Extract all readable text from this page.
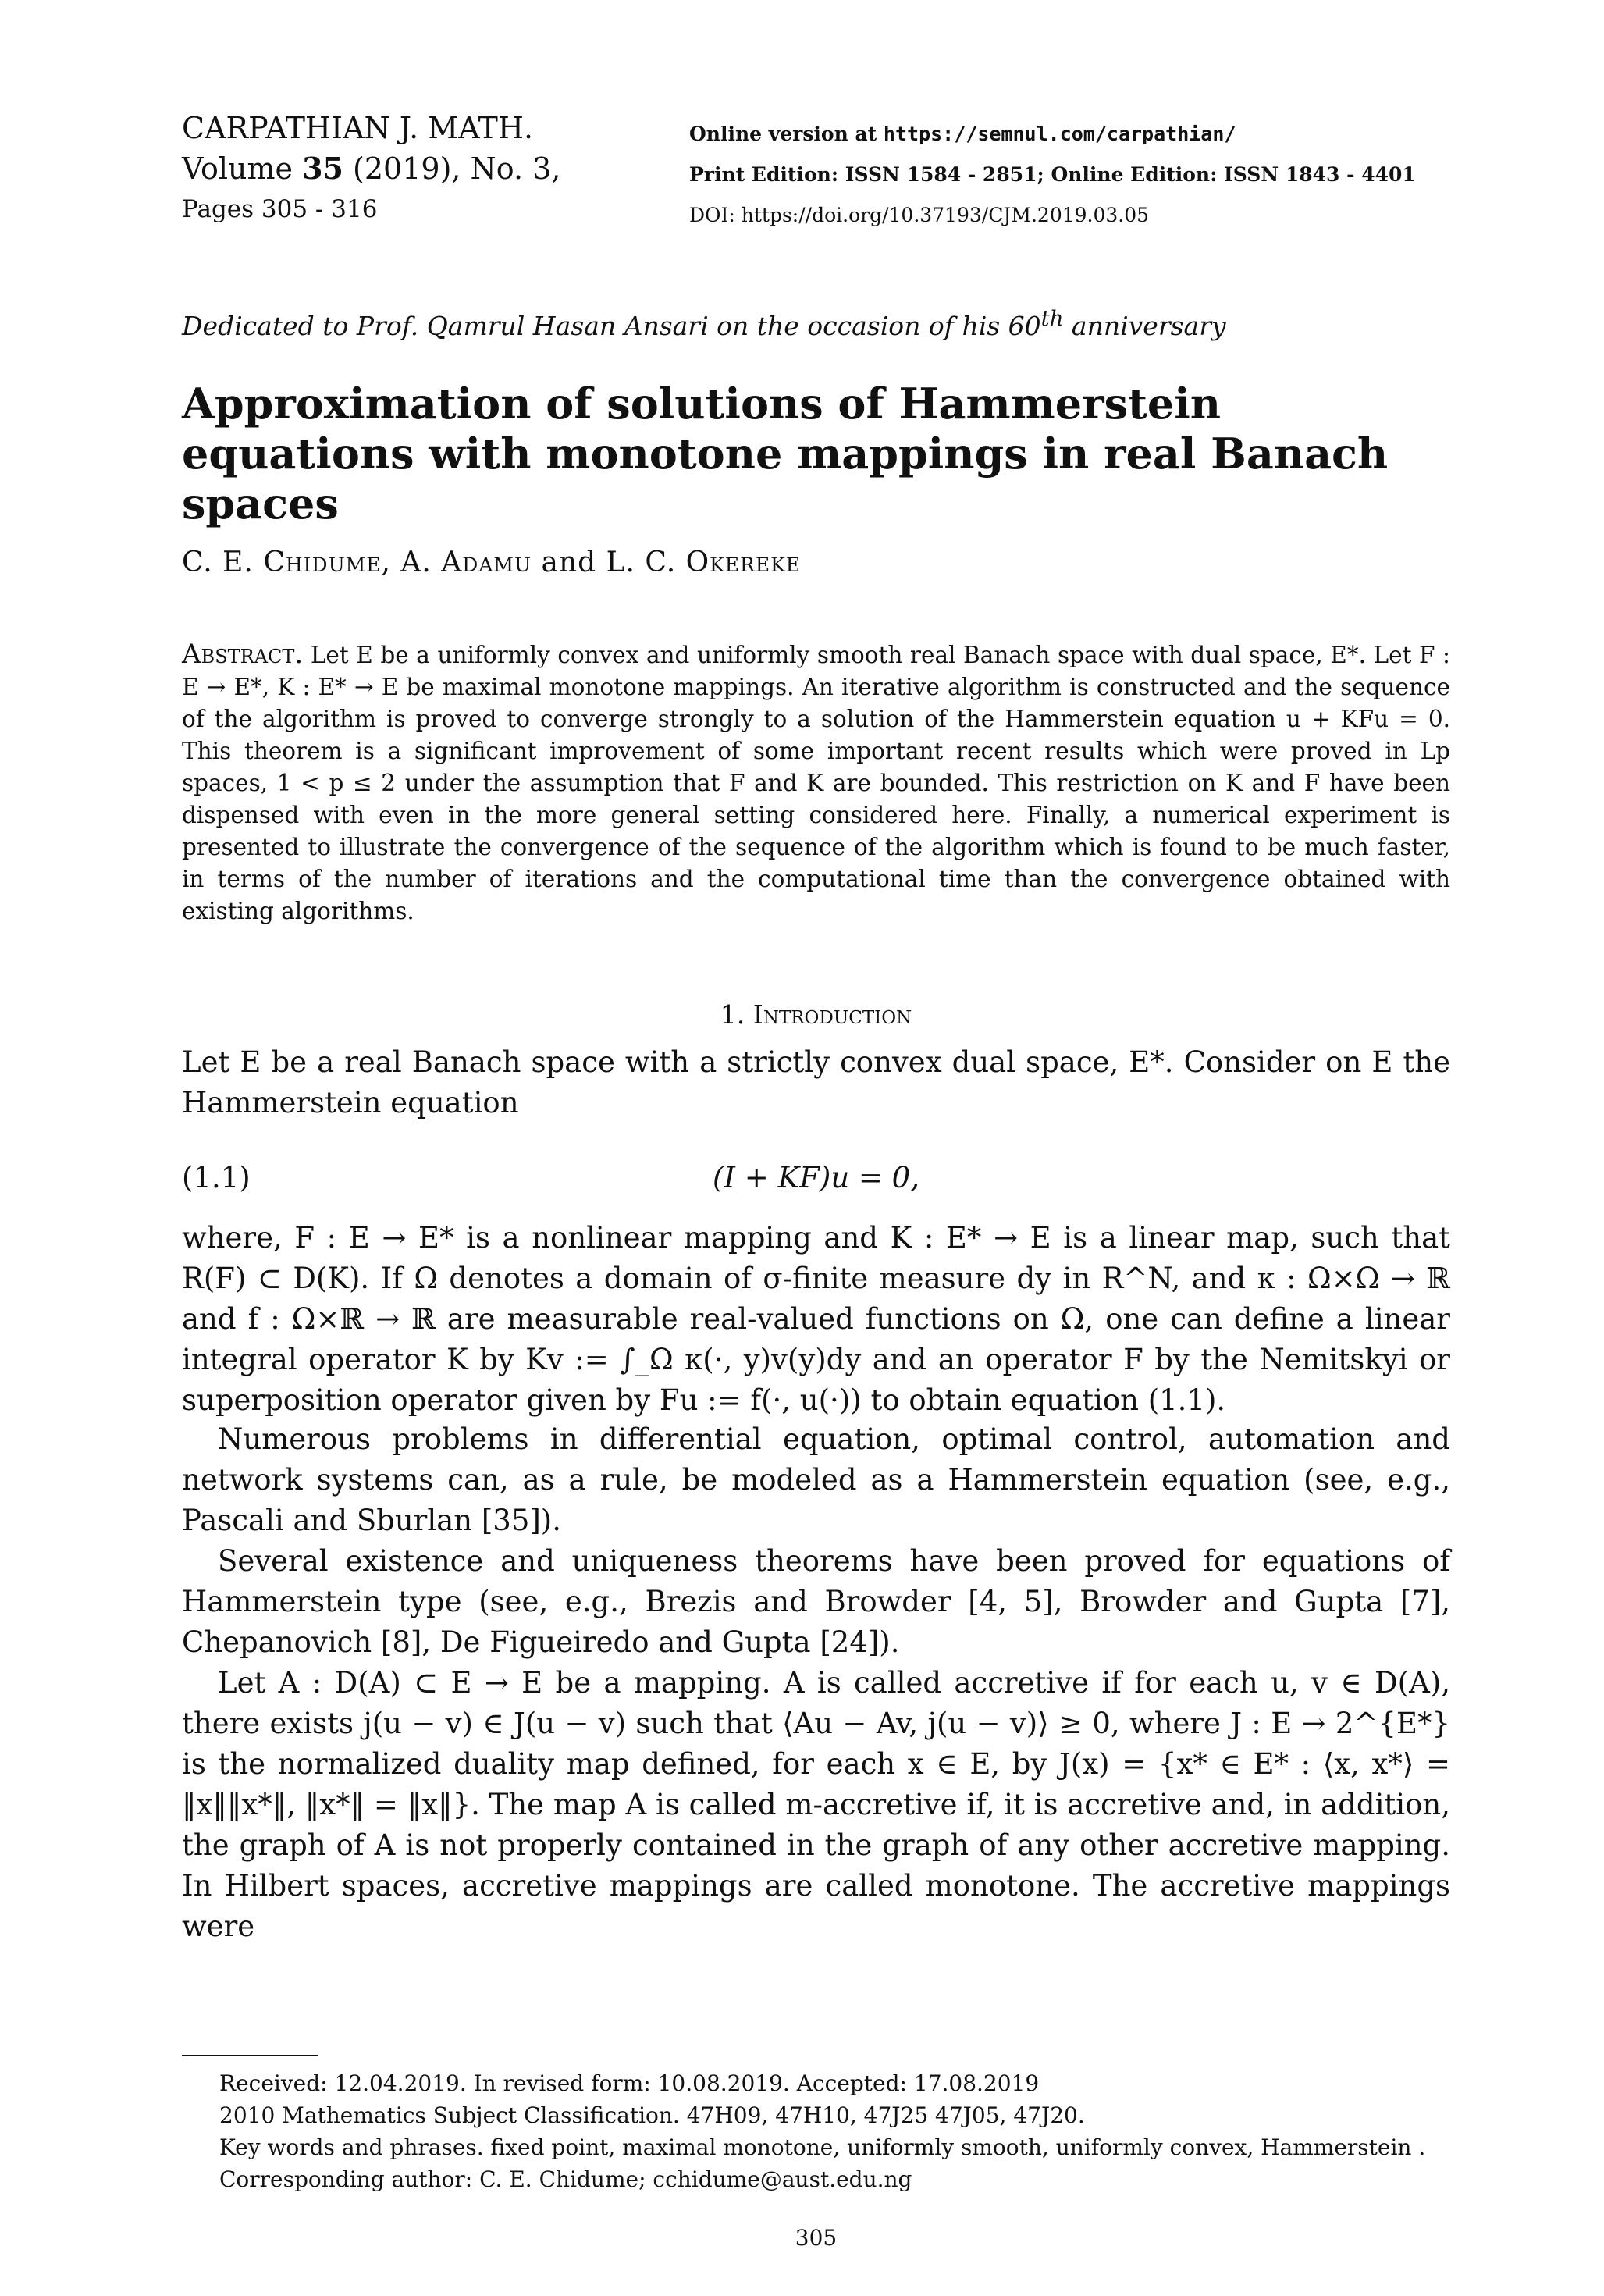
CARPATHIAN J. MATH.
Volume 35 (2019), No. 3,
Pages 305 - 316
Online version at https://semnul.com/carpathian/
Print Edition: ISSN 1584 - 2851; Online Edition: ISSN 1843 - 4401
DOI: https://doi.org/10.37193/CJM.2019.03.05
Dedicated to Prof. Qamrul Hasan Ansari on the occasion of his 60th anniversary
Approximation of solutions of Hammerstein equations with monotone mappings in real Banach spaces
C. E. Chidume, A. Adamu and L. C. Okereke
Abstract. Let E be a uniformly convex and uniformly smooth real Banach space with dual space, E*. Let F : E → E*, K : E* → E be maximal monotone mappings. An iterative algorithm is constructed and the sequence of the algorithm is proved to converge strongly to a solution of the Hammerstein equation u + KFu = 0. This theorem is a significant improvement of some important recent results which were proved in Lp spaces, 1 < p ≤ 2 under the assumption that F and K are bounded. This restriction on K and F have been dispensed with even in the more general setting considered here. Finally, a numerical experiment is presented to illustrate the convergence of the sequence of the algorithm which is found to be much faster, in terms of the number of iterations and the computational time than the convergence obtained with existing algorithms.
1. Introduction
Let E be a real Banach space with a strictly convex dual space, E*. Consider on E the Hammerstein equation
(1.1)	(I + KF)u = 0,
where, F : E → E* is a nonlinear mapping and K : E* → E is a linear map, such that R(F) ⊂ D(K). If Ω denotes a domain of σ-finite measure dy in R^N, and κ : Ω×Ω → ℝ and f : Ω×ℝ → ℝ are measurable real-valued functions on Ω, one can define a linear integral operator K by Kv := ∫_Ω κ(·, y)v(y)dy and an operator F by the Nemitskyi or superposition operator given by Fu := f(·, u(·)) to obtain equation (1.1).
Numerous problems in differential equation, optimal control, automation and network systems can, as a rule, be modeled as a Hammerstein equation (see, e.g., Pascali and Sburlan [35]).
Several existence and uniqueness theorems have been proved for equations of Hammerstein type (see, e.g., Brezis and Browder [4, 5], Browder and Gupta [7], Chepanovich [8], De Figueiredo and Gupta [24]).
Let A : D(A) ⊂ E → E be a mapping. A is called accretive if for each u, v ∈ D(A), there exists j(u − v) ∈ J(u − v) such that ⟨Au − Av, j(u − v)⟩ ≥ 0, where J : E → 2^{E*} is the normalized duality map defined, for each x ∈ E, by J(x) = {x* ∈ E* : ⟨x, x*⟩ = ‖x‖‖x*‖, ‖x*‖ = ‖x‖}. The map A is called m-accretive if, it is accretive and, in addition, the graph of A is not properly contained in the graph of any other accretive mapping. In Hilbert spaces, accretive mappings are called monotone. The accretive mappings were
Received: 12.04.2019. In revised form: 10.08.2019. Accepted: 17.08.2019
2010 Mathematics Subject Classification. 47H09, 47H10, 47J25 47J05, 47J20.
Key words and phrases. fixed point, maximal monotone, uniformly smooth, uniformly convex, Hammerstein .
Corresponding author: C. E. Chidume; cchidume@aust.edu.ng
305
